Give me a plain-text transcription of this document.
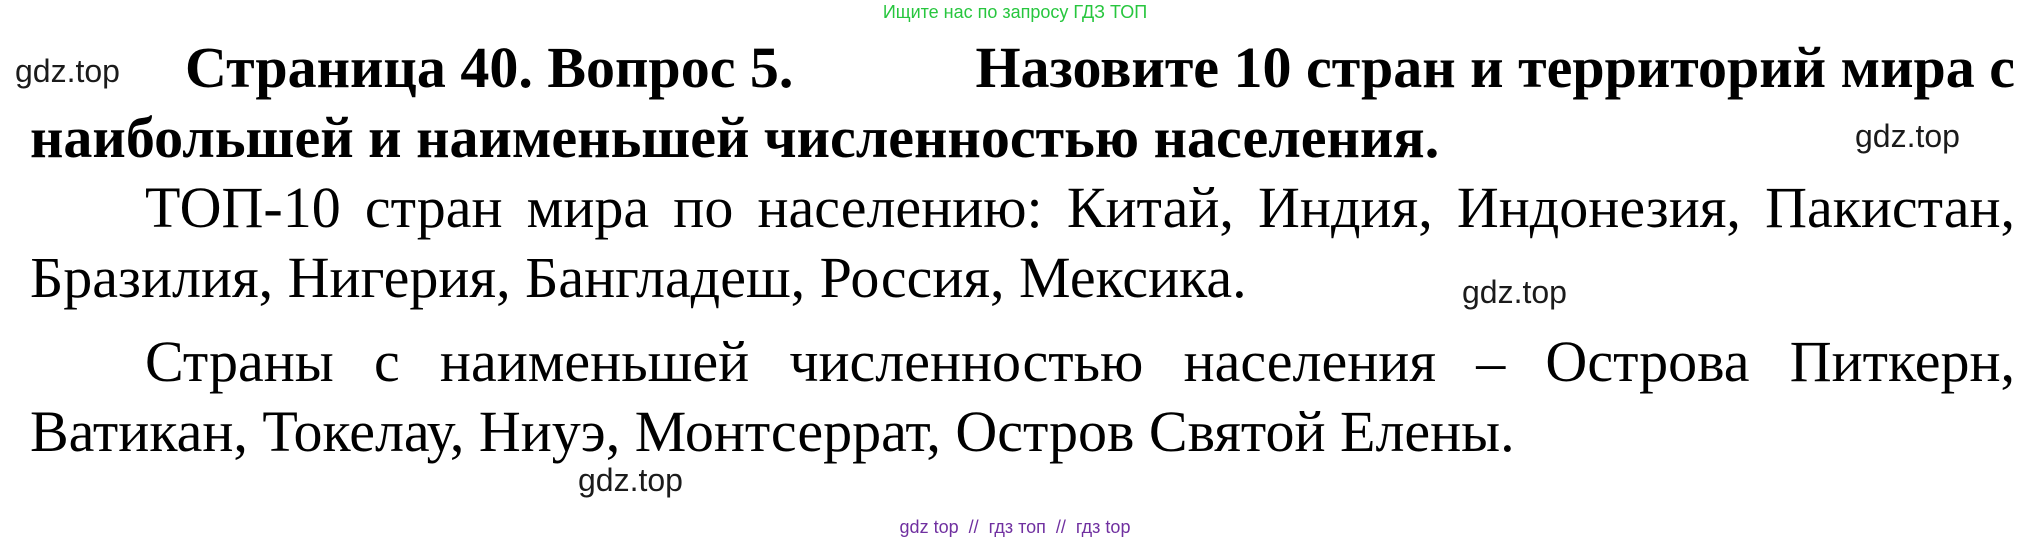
Ищите нас по запросу ГДЗ ТОП
gdz.top
gdz.top
gdz.top
gdz.top
Страница 40. Вопрос 5.	Назовите 10 стран и территорий мира с
наибольшей и наименьшей численностью населения.
ТОП-10 стран мира по населению: Китай, Индия, Индонезия, Пакистан,
Бразилия, Нигерия, Бангладеш, Россия, Мексика.
Страны с наименьшей численностью населения – Острова Питкерн,
Ватикан, Токелау, Ниуэ, Монтсеррат, Остров Святой Елены.
gdz top  //  гдз топ  //  гдз top
